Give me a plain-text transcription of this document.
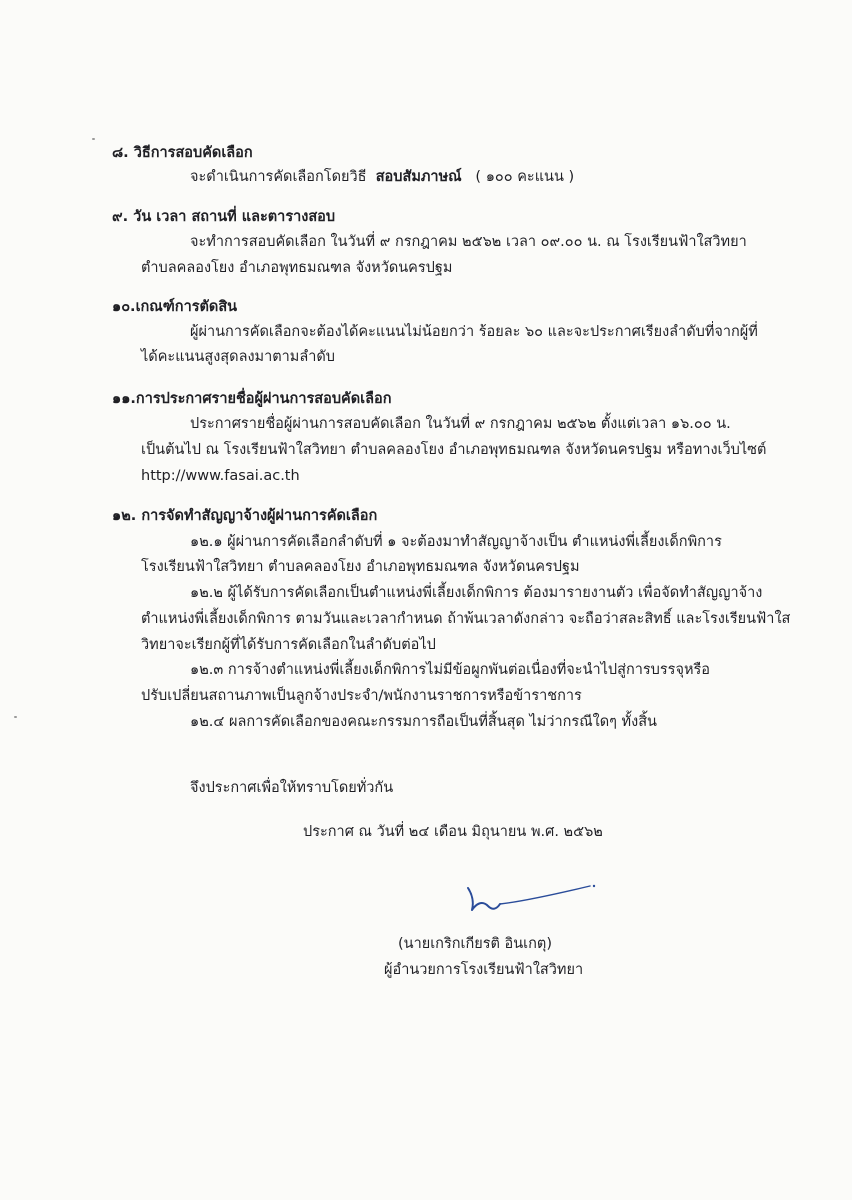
๘. วิธีการสอบคัดเลือก
จะดำเนินการคัดเลือกโดยวิธี สอบสัมภาษณ์ ( ๑๐๐ คะแนน )
๙. วัน เวลา สถานที่ และตารางสอบ
จะทำการสอบคัดเลือก ในวันที่ ๙ กรกฎาคม ๒๕๖๒ เวลา ๐๙.๐๐ น. ณ โรงเรียนฟ้าใสวิทยา
ตำบลคลองโยง อำเภอพุทธมณฑล จังหวัดนครปฐม
๑๐.เกณฑ์การตัดสิน
ผู้ผ่านการคัดเลือกจะต้องได้คะแนนไม่น้อยกว่า ร้อยละ ๖๐ และจะประกาศเรียงลำดับที่จากผู้ที่
ได้คะแนนสูงสุดลงมาตามลำดับ
๑๑.การประกาศรายชื่อผู้ผ่านการสอบคัดเลือก
ประกาศรายชื่อผู้ผ่านการสอบคัดเลือก ในวันที่ ๙ กรกฎาคม ๒๕๖๒ ตั้งแต่เวลา ๑๖.๐๐ น.
เป็นต้นไป ณ โรงเรียนฟ้าใสวิทยา ตำบลคลองโยง อำเภอพุทธมณฑล จังหวัดนครปฐม หรือทางเว็บไซต์
http://www.fasai.ac.th
๑๒. การจัดทำสัญญาจ้างผู้ผ่านการคัดเลือก
๑๒.๑ ผู้ผ่านการคัดเลือกลำดับที่ ๑ จะต้องมาทำสัญญาจ้างเป็น ตำแหน่งพี่เลี้ยงเด็กพิการ
โรงเรียนฟ้าใสวิทยา ตำบลคลองโยง อำเภอพุทธมณฑล จังหวัดนครปฐม
๑๒.๒ ผู้ได้รับการคัดเลือกเป็นตำแหน่งพี่เลี้ยงเด็กพิการ ต้องมารายงานตัว เพื่อจัดทำสัญญาจ้าง
ตำแหน่งพี่เลี้ยงเด็กพิการ ตามวันและเวลากำหนด ถ้าพ้นเวลาดังกล่าว จะถือว่าสละสิทธิ์ และโรงเรียนฟ้าใส
วิทยาจะเรียกผู้ที่ได้รับการคัดเลือกในลำดับต่อไป
๑๒.๓ การจ้างตำแหน่งพี่เลี้ยงเด็กพิการไม่มีข้อผูกพันต่อเนื่องที่จะนำไปสู่การบรรจุหรือ
ปรับเปลี่ยนสถานภาพเป็นลูกจ้างประจำ/พนักงานราชการหรือข้าราชการ
๑๒.๔ ผลการคัดเลือกของคณะกรรมการถือเป็นที่สิ้นสุด ไม่ว่ากรณีใดๆ ทั้งสิ้น
จึงประกาศเพื่อให้ทราบโดยทั่วกัน
ประกาศ ณ วันที่ ๒๔ เดือน มิถุนายน พ.ศ. ๒๕๖๒
(นายเกริกเกียรติ อินเกตุ)
ผู้อำนวยการโรงเรียนฟ้าใสวิทยา
